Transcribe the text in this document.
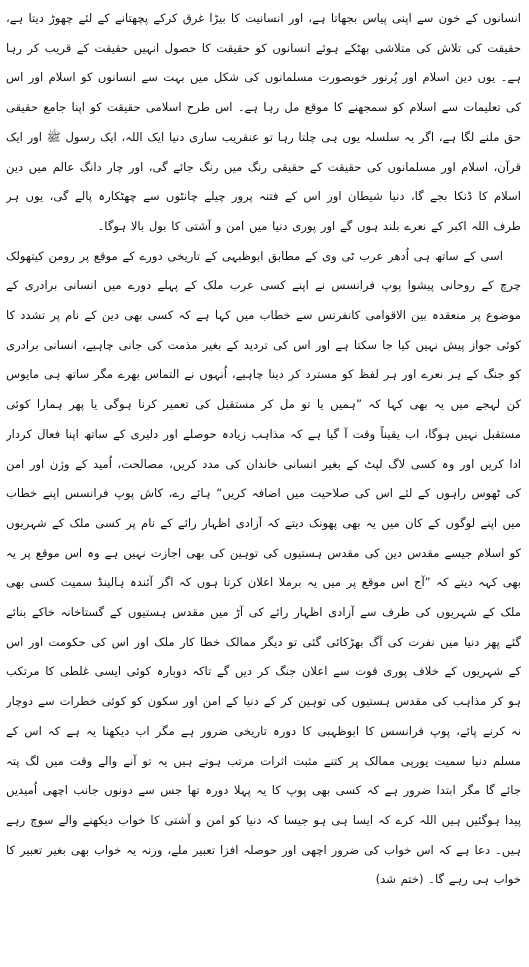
انسانوں کے خون سے اپنی پیاس بجھاتا ہے، اور انسانیت کا بیڑا غرق کرکے پچھتانے کے لئے چھوڑ دیتا ہے، حقیقت کی تلاش کی متلاشی بھٹکے ہوئے انسانوں کو حقیقت کا حصول انہیں حقیقت کے قریب کر رہا ہے۔ یوں دین اسلام اور پُرنور خوبصورت مسلمانوں کی شکل میں بہت سے انسانوں کو اسلام اور اس کی تعلیمات سے اسلام کو سمجھنے کا موقع مل رہا ہے۔ اس طرح اسلامی حقیقت کو اپنا جامع حقیقی حق ملنے لگا ہے، اگر یہ سلسلہ یوں ہی چلتا رہا تو عنقریب ساری دنیا ایک اللہ، ایک رسول ﷺ اور ایک قرآن، اسلام اور مسلمانوں کی حقیقت کے حقیقی رنگ میں رنگ جائے گی، اور چار دانگ عالم میں دین اسلام کا ڈنکا بجے گا، دنیا شیطان اور اس کے فتنہ پرور چیلے چانٹوں سے چھٹکارہ پالے گی، یوں ہر طرف اللہ اکبر کے نعرے بلند ہوں گے اور پوری دنیا میں امن و آشتی کا بول بالا ہوگا۔

اسی کے ساتھ ہی اُدھر عرب ٹی وی کے مطابق ابوظبہی کے تاریخی دورے کے موقع پر رومن کیتھولک چرچ کے روحانی پیشوا پوپ فرانسس نے اپنے کسی عرب ملک کے پہلے دورے میں انسانی برادری کے موضوع پر منعقدہ بین الاقوامی کانفرنس سے خطاب میں کہا ہے کہ کسی بھی دین کے نام پر تشدد کا کوئی جواز پیش نہیں کیا جا سکتا ہے اور اس کی تردید کے بغیر مذمت کی جانی چاہیے، انسانی برادری کو جنگ کے ہر نعرے اور ہر لفظ کو مسترد کر دینا چاہیے، اُنہوں نے التماس بھرے مگر ساتھ ہی مایوس کن لہجے میں یہ بھی کہا کہ ”ہمیں یا تو مل کر مستقبل کی تعمیر کرنا ہوگی یا پھر ہمارا کوئی مستقبل نہیں ہوگا، اب یقیناً وقت آ گیا ہے کہ مذاہب زیادہ حوصلے اور دلیری کے ساتھ اپنا فعال کردار ادا کریں اور وہ کسی لاگ لپٹ کے بغیر انسانی خاندان کی مدد کریں، مصالحت، اُمید کے وژن اور امن کی ٹھوس راہوں کے لئے اس کی صلاحیت میں اضافہ کریں“ ہائے رے، کاش پوپ فرانسس اپنے خطاب میں اپنے لوگوں کے کان میں یہ بھی پھونک دیتے کہ آزادی اظہار رائے کے نام پر کسی ملک کے شہریوں کو اسلام جیسے مقدس دین کی مقدس ہستیوں کی توہین کی بھی اجازت نہیں ہے وہ اس موقع پر یہ بھی کہہ دیتے کہ ”آج اس موقع پر میں یہ برملا اعلان کرتا ہوں کہ اگر آئندہ ہالینڈ سمیت کسی بھی ملک کے شہریوں کی طرف سے آزادی اظہار رائے کی آڑ میں مقدس ہستیوں کے گستاخانہ خاکے بنائے گئے پھر دنیا میں نفرت کی آگ بھڑکائی گئی تو دیگر ممالک خطا کار ملک اور اس کی حکومت اور اس کے شہریوں کے خلاف پوری قوت سے اعلان جنگ کر دیں گے تاکہ دوبارہ کوئی ایسی غلطی کا مرتکب ہو کر مذاہب کی مقدس ہستیوں کی توہین کر کے دنیا کے امن اور سکون کو کوئی خطرات سے دوچار نہ کرنے پائے، پوپ فرانسس کا ابوظہبی کا دورہ تاریخی ضرور ہے مگر اب دیکھنا یہ ہے کہ اس کے مسلم دنیا سمیت یورپی ممالک پر کتنے مثبت اثرات مرتب ہوتے ہیں یہ تو آنے والے وقت میں لگ پتہ جائے گا مگر ابتدا ضرور ہے کہ کسی بھی پوپ کا یہ پہلا دورہ تھا جس سے دونوں جانب اچھی اُمیدیں پیدا ہوگئیں ہیں اللہ کرے کہ ایسا ہی ہو جیسا کہ دنیا کو امن و آشتی کا خواب دیکھنے والے سوچ رہے ہیں۔ دعا ہے کہ اس خواب کی ضرور اچھی اور حوصلہ افزا تعبیر ملے، ورنہ یہ خواب بھی بغیر تعبیر کا خواب ہی رہے گا۔ (ختم شد)
